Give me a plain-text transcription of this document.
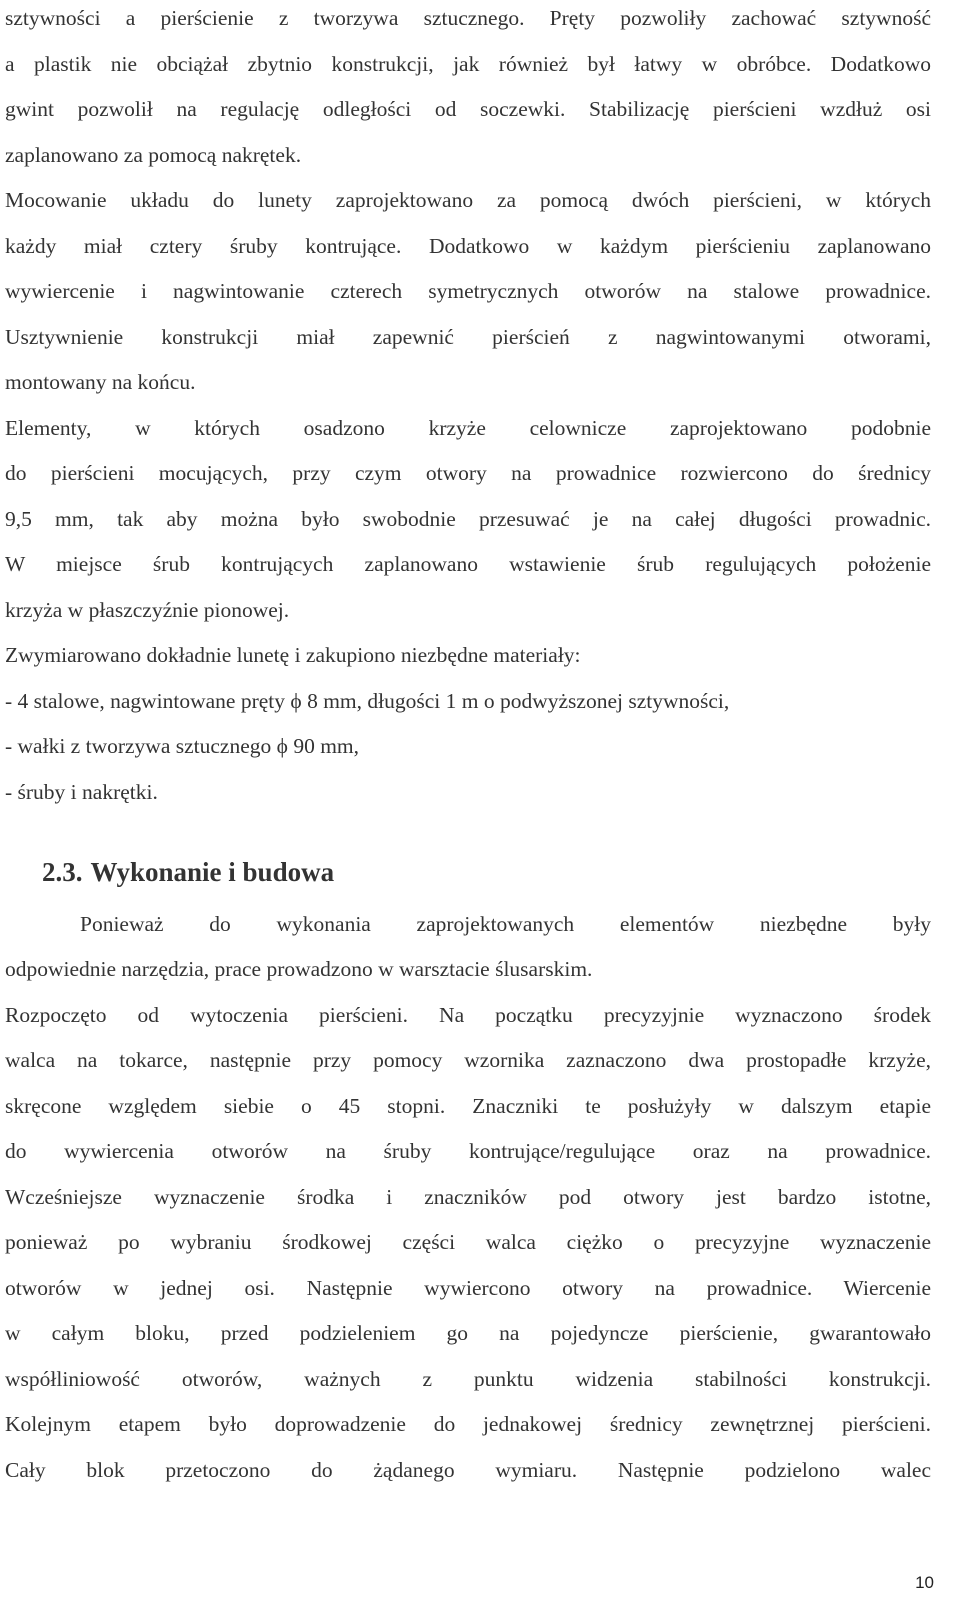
sztywności a pierścienie z tworzywa sztucznego. Pręty pozwoliły zachować sztywność

a plastik nie obciążał zbytnio konstrukcji, jak również był łatwy w obróbce. Dodatkowo

gwint pozwolił na regulację odległości od soczewki. Stabilizację pierścieni wzdłuż osi

zaplanowano za pomocą nakrętek.

Mocowanie układu do lunety zaprojektowano za pomocą dwóch pierścieni, w których

każdy miał cztery śruby kontrujące. Dodatkowo w każdym pierścieniu zaplanowano

wywiercenie i nagwintowanie czterech symetrycznych otworów na stalowe prowadnice.

Usztywnienie konstrukcji miał zapewnić pierścień z nagwintowanymi otworami,

montowany na końcu.

Elementy, w których osadzono krzyże celownicze zaprojektowano podobnie

do pierścieni mocujących, przy czym otwory na prowadnice rozwiercono do średnicy

9,5 mm, tak aby można było swobodnie przesuwać je na całej długości prowadnic.

W miejsce śrub kontrujących zaplanowano wstawienie śrub regulujących położenie

krzyża w płaszczyźnie pionowej.

Zwymiarowano dokładnie lunetę i zakupiono niezbędne materiały:

- 4 stalowe, nagwintowane pręty ϕ 8 mm, długości 1 m o podwyższonej sztywności,

- wałki z tworzywa sztucznego ϕ 90 mm,

- śruby i nakrętki.

2.3. Wykonanie i budowa

Ponieważ do wykonania zaprojektowanych elementów niezbędne były

odpowiednie narzędzia, prace prowadzono w warsztacie ślusarskim.

Rozpoczęto od wytoczenia pierścieni. Na początku precyzyjnie wyznaczono środek

walca na tokarce, następnie przy pomocy wzornika zaznaczono dwa prostopadłe krzyże,

skręcone względem siebie o 45 stopni. Znaczniki te posłużyły w dalszym etapie

do wywiercenia otworów na śruby kontrujące/regulujące oraz na prowadnice.

Wcześniejsze wyznaczenie środka i znaczników pod otwory jest bardzo istotne,

ponieważ po wybraniu środkowej części walca ciężko o precyzyjne wyznaczenie

otworów w jednej osi. Następnie wywiercono otwory na prowadnice. Wiercenie

w całym bloku, przed podzieleniem go na pojedyncze pierścienie, gwarantowało

współliniowość otworów, ważnych z punktu widzenia stabilności konstrukcji.

Kolejnym etapem było doprowadzenie do jednakowej średnicy zewnętrznej pierścieni.

Cały blok przetoczono do żądanego wymiaru. Następnie podzielono walec

10
